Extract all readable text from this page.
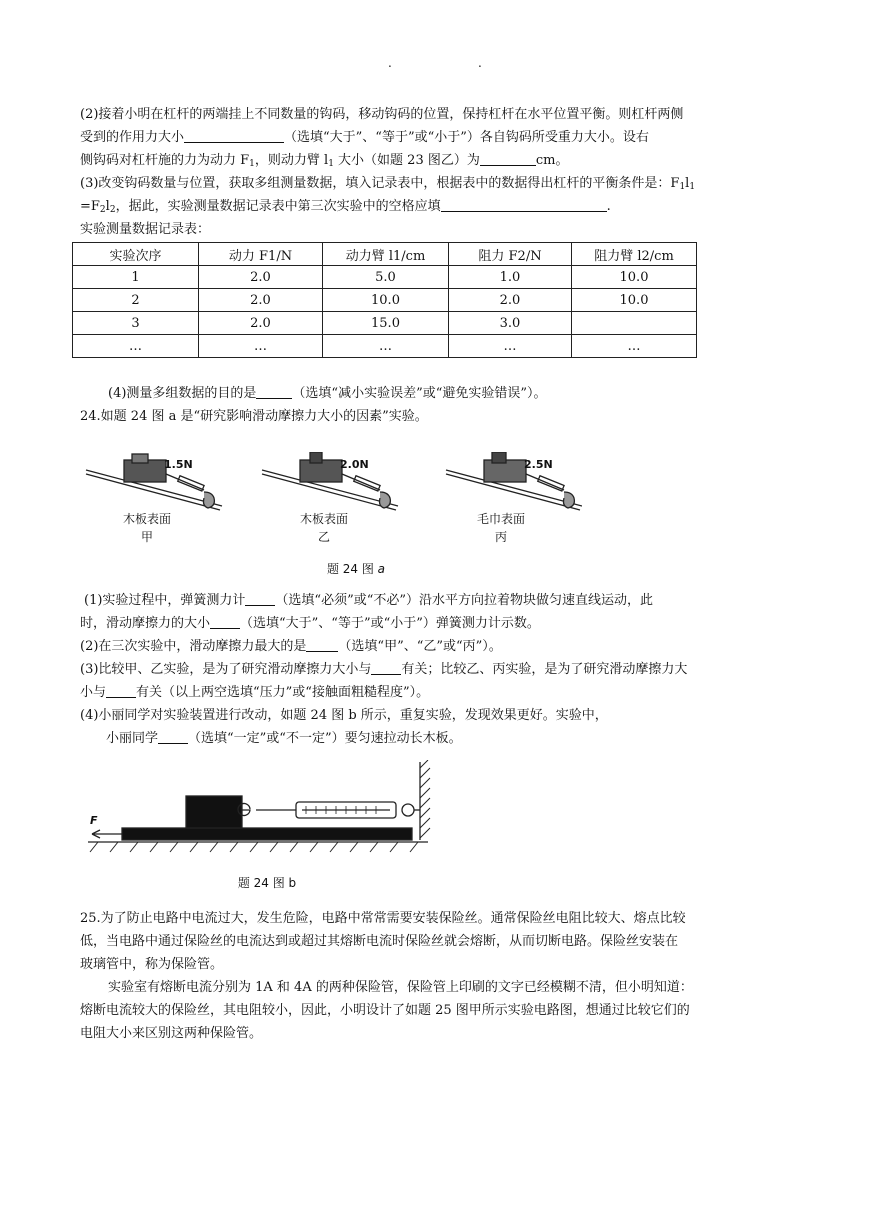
.	.
(2)接着小明在杠杆的两端挂上不同数量的钩码，移动钩码的位置，保持杠杆在水平位置平衡。则杠杆两侧
受到的作用力大小	（选填“大于”、“等于”或“小于”）各自钩码所受重力大小。设右
侧钩码对杠杆施的力为动力 $F_1$，则动力臂 $l_1$ 大小（如题 23 图乙）为	cm。
(3)改变钩码数量与位置，获取多组测量数据，填入记录表中，根据表中的数据得出杠杆的平衡条件是：$F_1l_1$
$=F_2l_2$，据此，实验测量数据记录表中第三次实验中的空格应填	.
实验测量数据记录表：
实验次序	动力 F1/N	动力臂 l1/cm	阻力 F2/N	阻力臂 l2/cm
1	2.0	5.0	1.0	10.0
2	2.0	10.0	2.0	10.0
3	2.0	15.0	3.0	
…	…	…	…	…
(4)测量多组数据的目的是	（选填“减小实验误差”或“避免实验错误”）。
24.如题 24 图 a 是“研究影响滑动摩擦力大小的因素”实验。
1.5N	2.0N	2.5N
木板表面
甲
木板表面
乙
毛巾表面
丙
题 24 图 a
(1)实验过程中，弹簧测力计 （选填“必须”或“不必”）沿水平方向拉着物块做匀速直线运动，此
时，滑动摩擦力的大小 （选填“大于”、“等于”或“小于”）弹簧测力计示数。
(2)在三次实验中，滑动摩擦力最大的是 （选填“甲”、“乙”或“丙”）。
(3)比较甲、乙实验，是为了研究滑动摩擦力大小与 有关；比较乙、丙实验，是为了研究滑动摩擦力大
小与 有关（以上两空选填“压力”或“接触面粗糙程度”）。
(4)小丽同学对实验装置进行改动，如题 24 图 b 所示，重复实验，发现效果更好。实验中，
小丽同学 （选填“一定”或“不一定”）要匀速拉动长木板。
F
题 24 图 b
25.为了防止电路中电流过大，发生危险，电路中常常需要安装保险丝。通常保险丝电阻比较大、熔点比较
低，当电路中通过保险丝的电流达到或超过其熔断电流时保险丝就会熔断，从而切断电路。保险丝安装在
玻璃管中，称为保险管。
实验室有熔断电流分别为 1A 和 4A 的两种保险管，保险管上印刷的文字已经模糊不清，但小明知道：
熔断电流较大的保险丝，其电阻较小，因此，小明设计了如题 25 图甲所示实验电路图，想通过比较它们的
电阻大小来区别这两种保险管。
